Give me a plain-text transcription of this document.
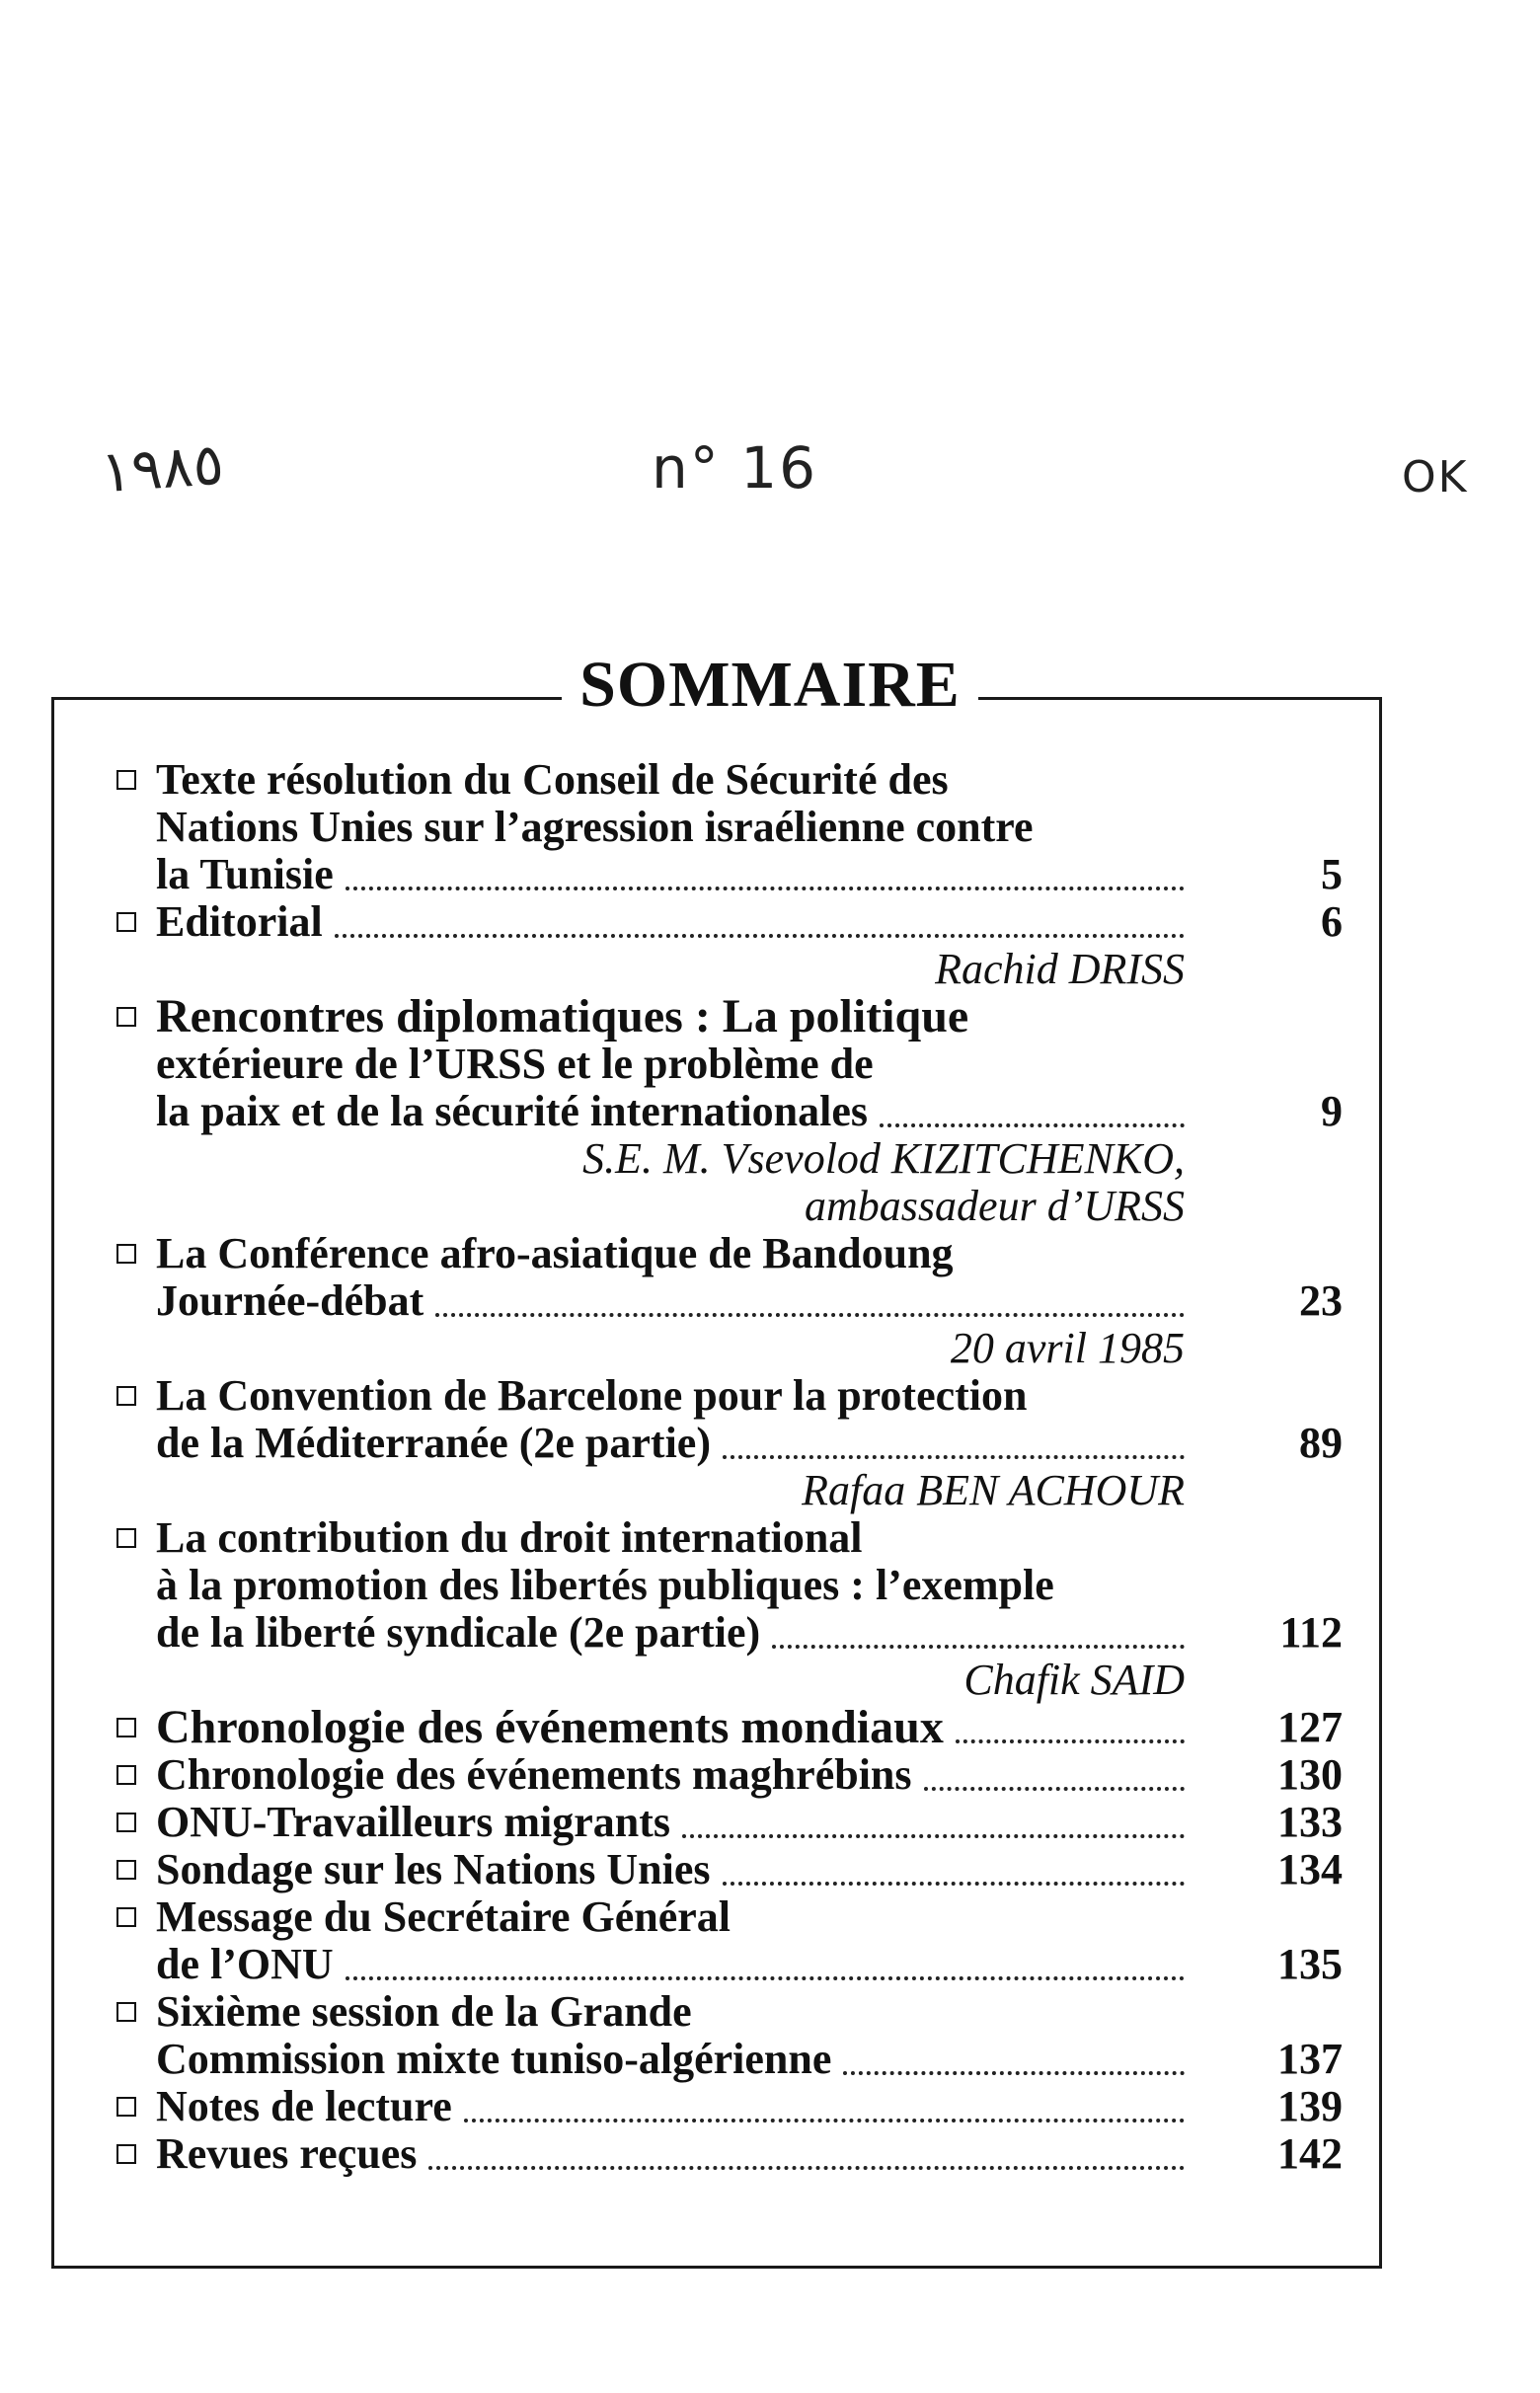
١٩٨٥	n° 16	OK
SOMMAIRE
Texte résolution du Conseil de Sécurité des
Nations Unies sur l’agression israélienne contre
la Tunisie	5
Editorial	6
Rachid DRISS
Rencontres diplomatiques : La politique
extérieure de l’URSS et le problème de
la paix et de la sécurité internationales	9
S.E. M. Vsevolod KIZITCHENKO,
ambassadeur d’URSS
La Conférence afro-asiatique de Bandoung
Journée-débat	23
20 avril 1985
La Convention de Barcelone pour la protection
de la Méditerranée (2e partie)	89
Rafaa BEN ACHOUR
La contribution du droit international
à la promotion des libertés publiques : l’exemple
de la liberté syndicale (2e partie)	112
Chafik SAID
Chronologie des événements mondiaux	127
Chronologie des événements maghrébins	130
ONU-Travailleurs migrants	133
Sondage sur les Nations Unies	134
Message du Secrétaire Général
de l’ONU	135
Sixième session de la Grande
Commission mixte tuniso-algérienne	137
Notes de lecture	139
Revues reçues	142
